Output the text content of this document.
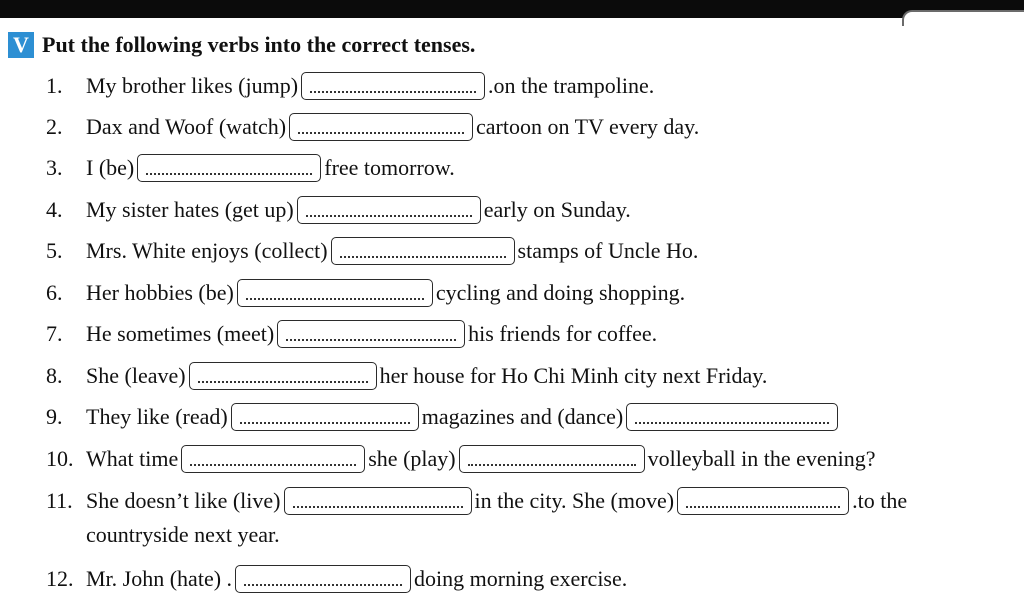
V Put the following verbs into the correct tenses.
1.	My brother likes (jump)	.on the trampoline.
2.	Dax and Woof (watch)	cartoon on TV every day.
3.	I (be)	free tomorrow.
4.	My sister hates (get up)	early on Sunday.
5.	Mrs. White enjoys (collect)	stamps of Uncle Ho.
6.	Her hobbies (be)	cycling and doing shopping.
7.	He sometimes (meet)	his friends for coffee.
8.	She (leave)	her house for Ho Chi Minh city next Friday.
9.	They like (read)	magazines and (dance)
10. What time	she (play)	volleyball in the evening?
11. She doesn’t like (live)	in the city. She (move)	.to the
countryside next year.
12. Mr. John (hate) .	doing morning exercise.
